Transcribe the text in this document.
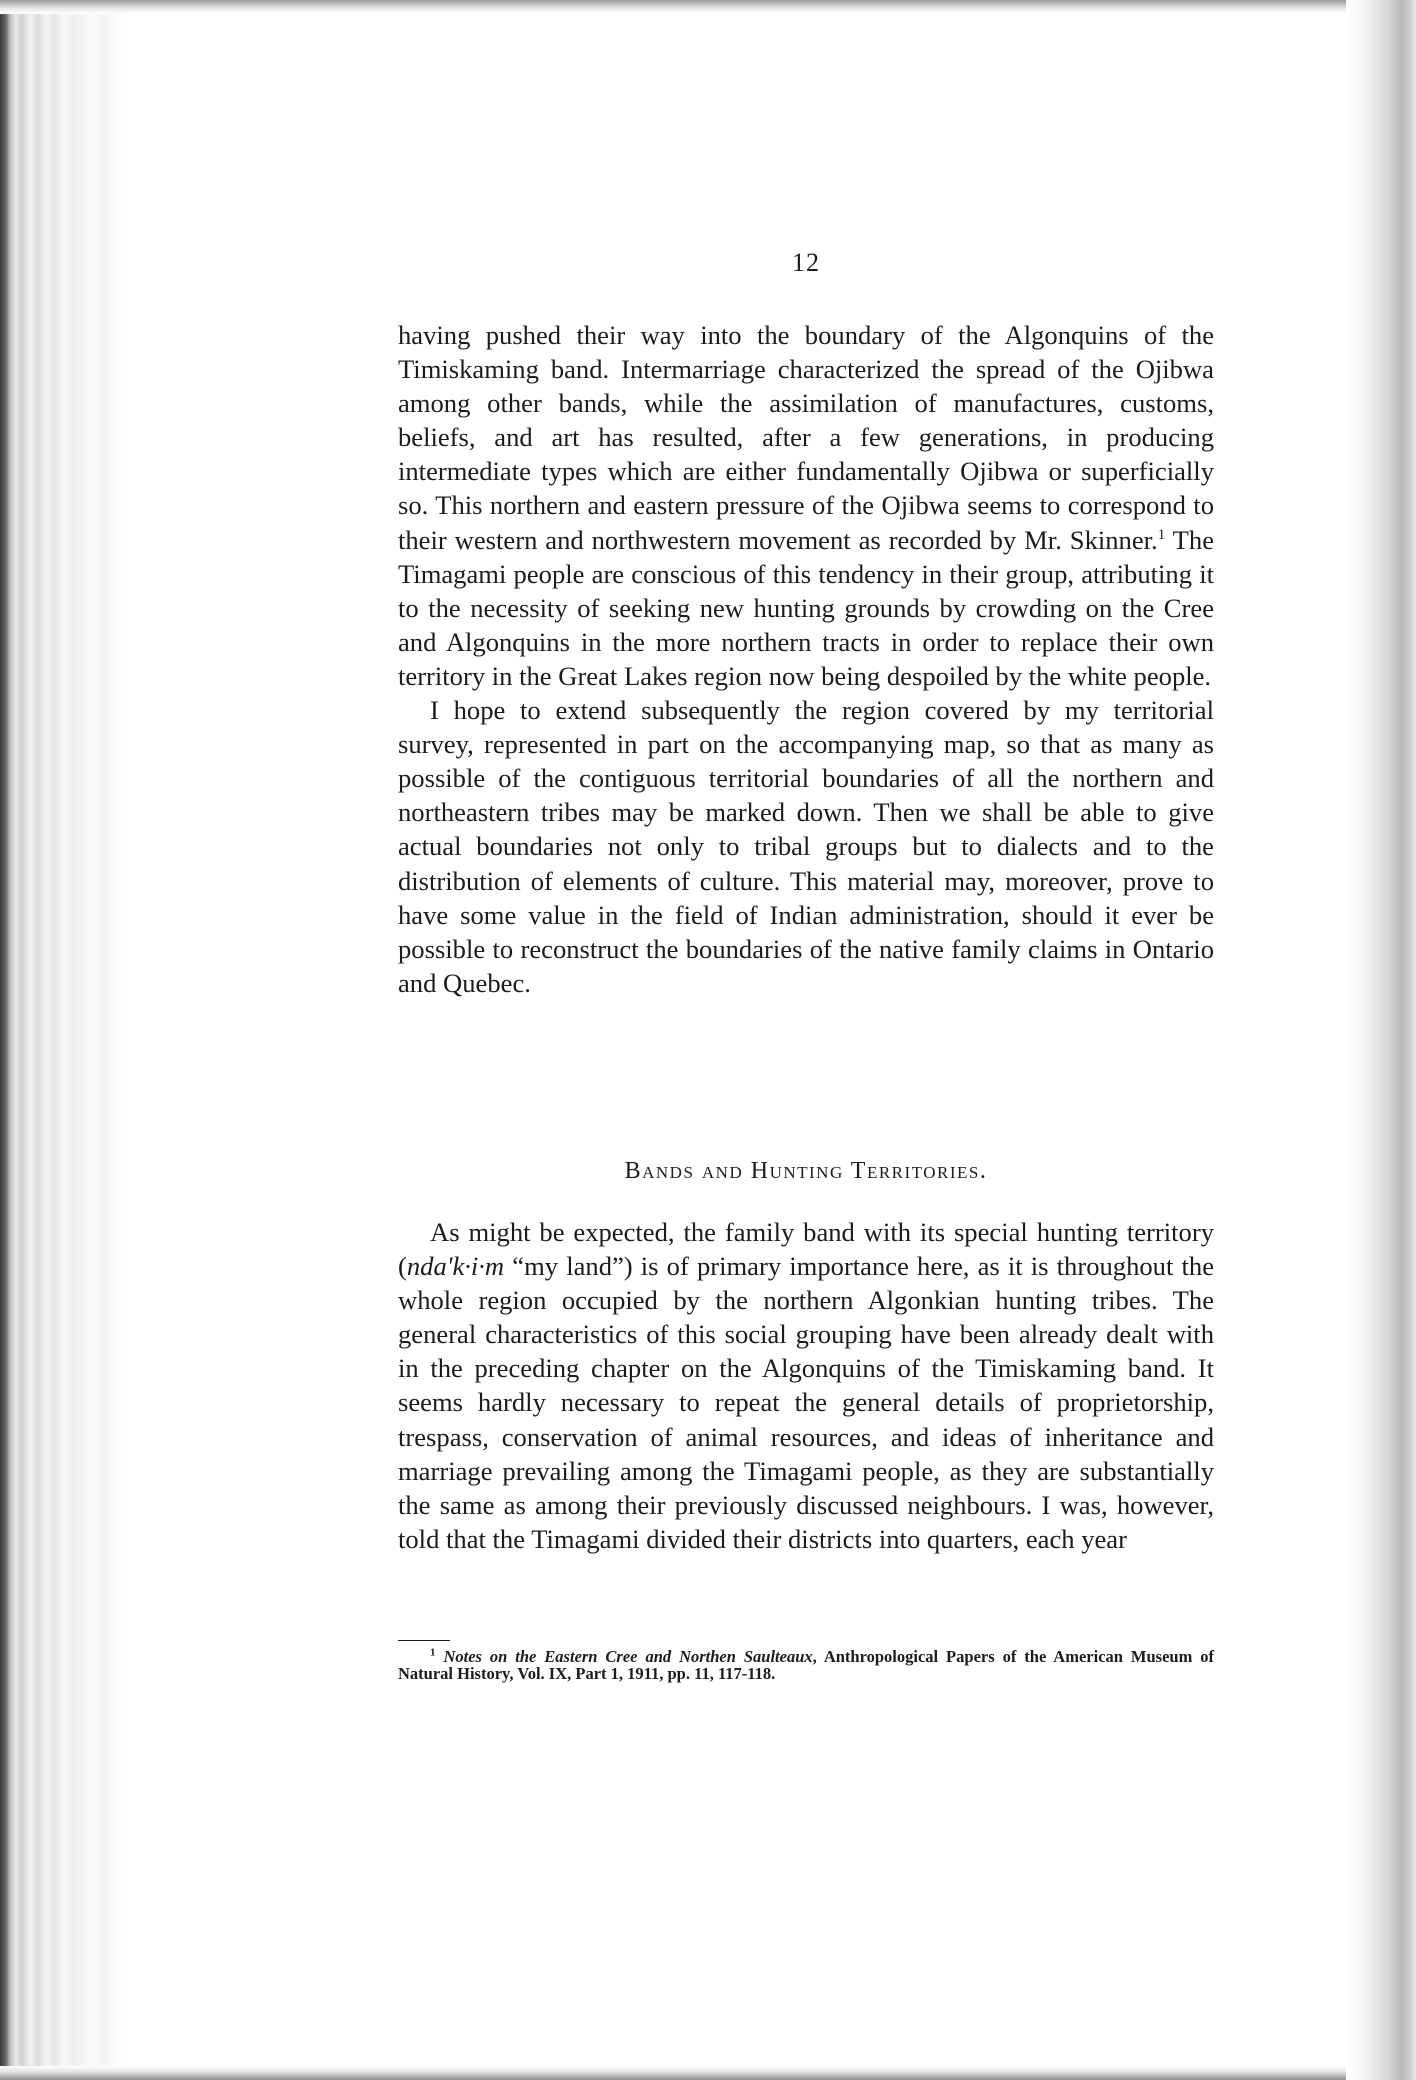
12

having pushed their way into the boundary of the Algonquins of the Timiskaming band. Intermarriage characterized the spread of the Ojibwa among other bands, while the assimilation of manufactures, customs, beliefs, and art has resulted, after a few generations, in producing intermediate types which are either fundamentally Ojibwa or superficially so. This northern and eastern pressure of the Ojibwa seems to correspond to their western and northwestern movement as recorded by Mr. Skinner.$^1$ The Timagami people are conscious of this tendency in their group, attributing it to the necessity of seeking new hunting grounds by crowding on the Cree and Algonquins in the more northern tracts in order to replace their own territory in the Great Lakes region now being despoiled by the white people.

I hope to extend subsequently the region covered by my territorial survey, represented in part on the accompanying map, so that as many as possible of the contiguous territorial boundaries of all the northern and northeastern tribes may be marked down. Then we shall be able to give actual boundaries not only to tribal groups but to dialects and to the distribution of elements of culture. This material may, moreover, prove to have some value in the field of Indian administration, should it ever be possible to reconstruct the boundaries of the native family claims in Ontario and Quebec.

Bands and Hunting Territories.

As might be expected, the family band with its special hunting territory (nda'k·i·m “my land”) is of primary importance here, as it is throughout the whole region occupied by the northern Algonkian hunting tribes. The general characteristics of this social grouping have been already dealt with in the preceding chapter on the Algonquins of the Timiskaming band. It seems hardly necessary to repeat the general details of proprietorship, trespass, conservation of animal resources, and ideas of inheritance and marriage prevailing among the Timagami people, as they are substantially the same as among their previously discussed neighbours. I was, however, told that the Timagami divided their districts into quarters, each year

$^1$ Notes on the Eastern Cree and Northen Saulteaux, Anthropological Papers of the American Museum of Natural History, Vol. IX, Part 1, 1911, pp. 11, 117-118.
